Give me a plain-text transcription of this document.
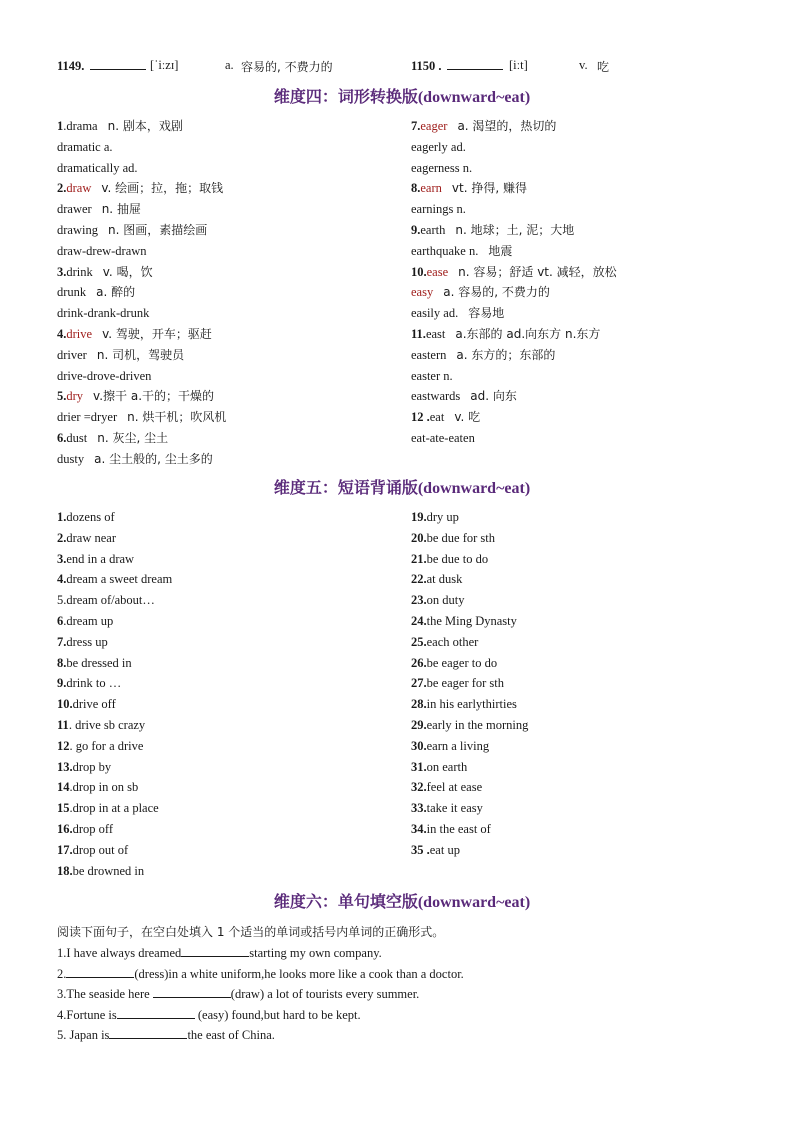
1149.	[ˈiːzɪ]	a. 容易的, 不费力的	1150 .	[iːt]	v. 吃
维度四：词形转换版(downward~eat)
1.drama n. 剧本，戏剧
dramatic a.
dramatically ad.
2.draw v. 绘画；拉，拖；取钱
drawer n. 抽屉
drawing n. 图画，素描绘画
draw-drew-drawn
3.drink v. 喝，饮
drunk a. 醉的
drink-drank-drunk
4.drive v. 驾驶，开车；驱赶
driver n. 司机，驾驶员
drive-drove-driven
5.dry v.擦干 a.干的；干燥的
drier =dryer n. 烘干机；吹风机
6.dust n. 灰尘, 尘土
dusty a. 尘土般的, 尘土多的
7.eager a. 渴望的，热切的
eagerly ad.
eagerness n.
8.earn vt. 挣得, 赚得
earnings n.
9.earth n. 地球；土, 泥；大地
earthquake n. 地震
10.ease n. 容易；舒适 vt. 减轻，放松
easy a. 容易的, 不费力的
easily ad. 容易地
11.east a.东部的 ad.向东方 n.东方
eastern a. 东方的；东部的
easter n.
eastwards ad. 向东
12 .eat v. 吃
eat-ate-eaten
维度五：短语背诵版(downward~eat)
1.dozens of
2.draw near
3.end in a draw
4.dream a sweet dream
5.dream of/about…
6.dream up
7.dress up
8.be dressed in
9.drink to …
10.drive off
11. drive sb crazy
12. go for a drive
13.drop by
14.drop in on sb
15.drop in at a place
16.drop off
17.drop out of
18.be drowned in
19.dry up
20.be due for sth
21.be due to do
22.at dusk
23.on duty
24.the Ming Dynasty
25.each other
26.be eager to do
27.be eager for sth
28.in his earlythirties
29.early in the morning
30.earn a living
31.on earth
32.feel at ease
33.take it easy
34.in the east of
35 .eat up
维度六：单句填空版(downward~eat)
阅读下面句子，在空白处填入 1 个适当的单词或括号内单词的正确形式。
1.I have always dreamed	starting my own company.
2.	(dress)in a white uniform,he looks more like a cook than a doctor.
3.The seaside here	(draw) a lot of tourists every summer.
4.Fortune is	(easy) found,but hard to be kept.
5. Japan is	the east of China.
